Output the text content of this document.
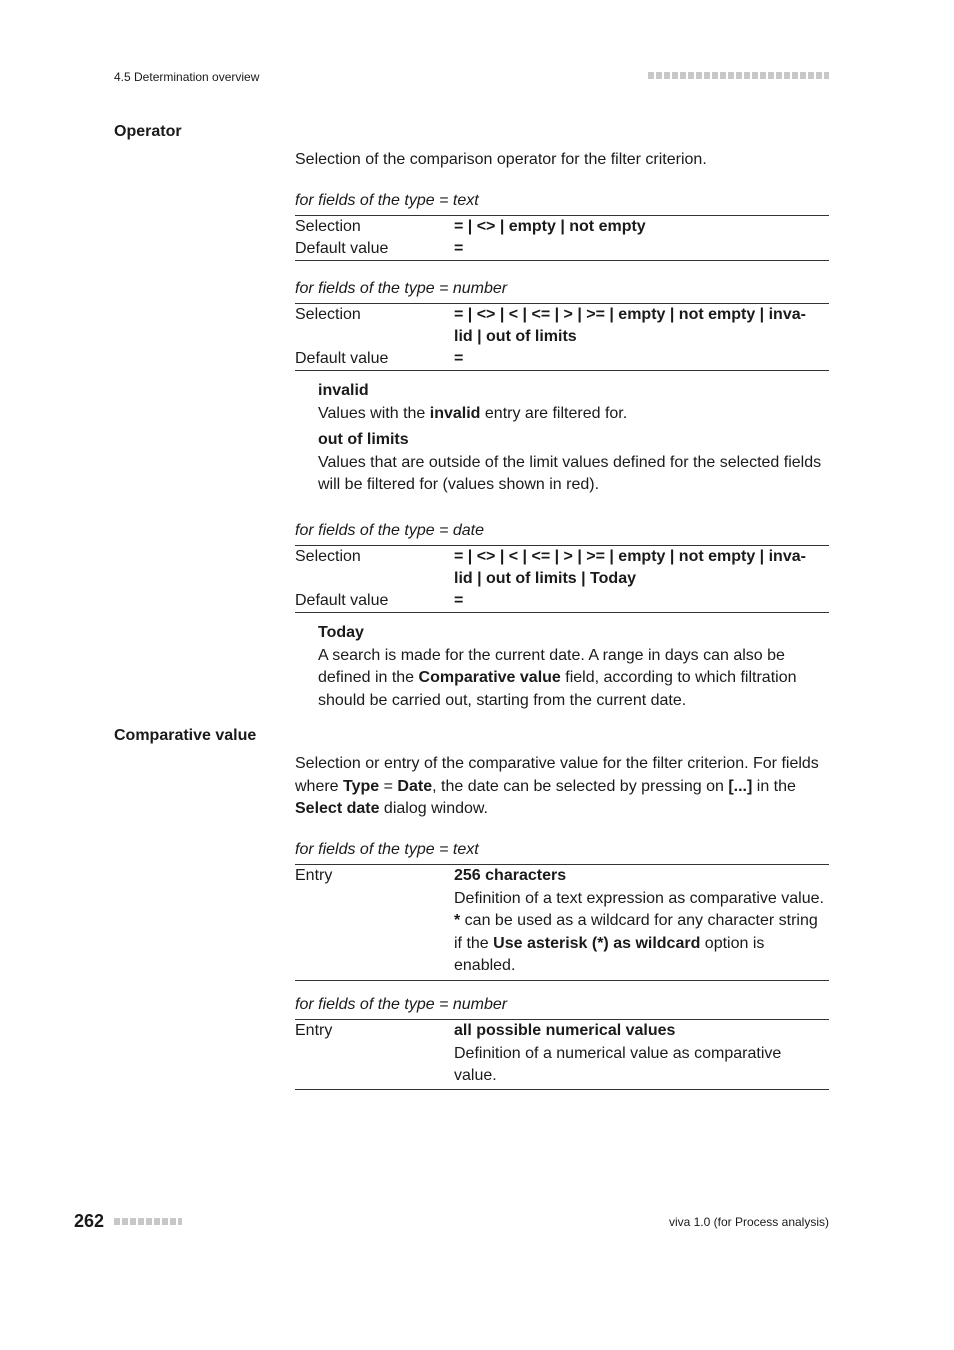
4.5 Determination overview
Operator
Selection of the comparison operator for the filter criterion.
for fields of the type = text
Selection	= | <> | empty | not empty
Default value	=
for fields of the type = number
Selection	= | <> | < | <= | > | >= | empty | not empty | inva-
lid | out of limits
Default value	=
invalid
Values with the invalid entry are filtered for.
out of limits
Values that are outside of the limit values defined for the selected fields will be filtered for (values shown in red).
for fields of the type = date
Selection	= | <> | < | <= | > | >= | empty | not empty | inva-
lid | out of limits | Today
Default value	=
Today
A search is made for the current date. A range in days can also be defined in the Comparative value field, according to which filtration should be carried out, starting from the current date.
Comparative value
Selection or entry of the comparative value for the filter criterion. For fields where Type = Date, the date can be selected by pressing on [...] in the Select date dialog window.
for fields of the type = text
Entry	256 characters
Definition of a text expression as comparative value.
* can be used as a wildcard for any character string if the Use asterisk (*) as wildcard option is enabled.
for fields of the type = number
Entry	all possible numerical values
Definition of a numerical value as comparative value.
262	viva 1.0 (for Process analysis)
